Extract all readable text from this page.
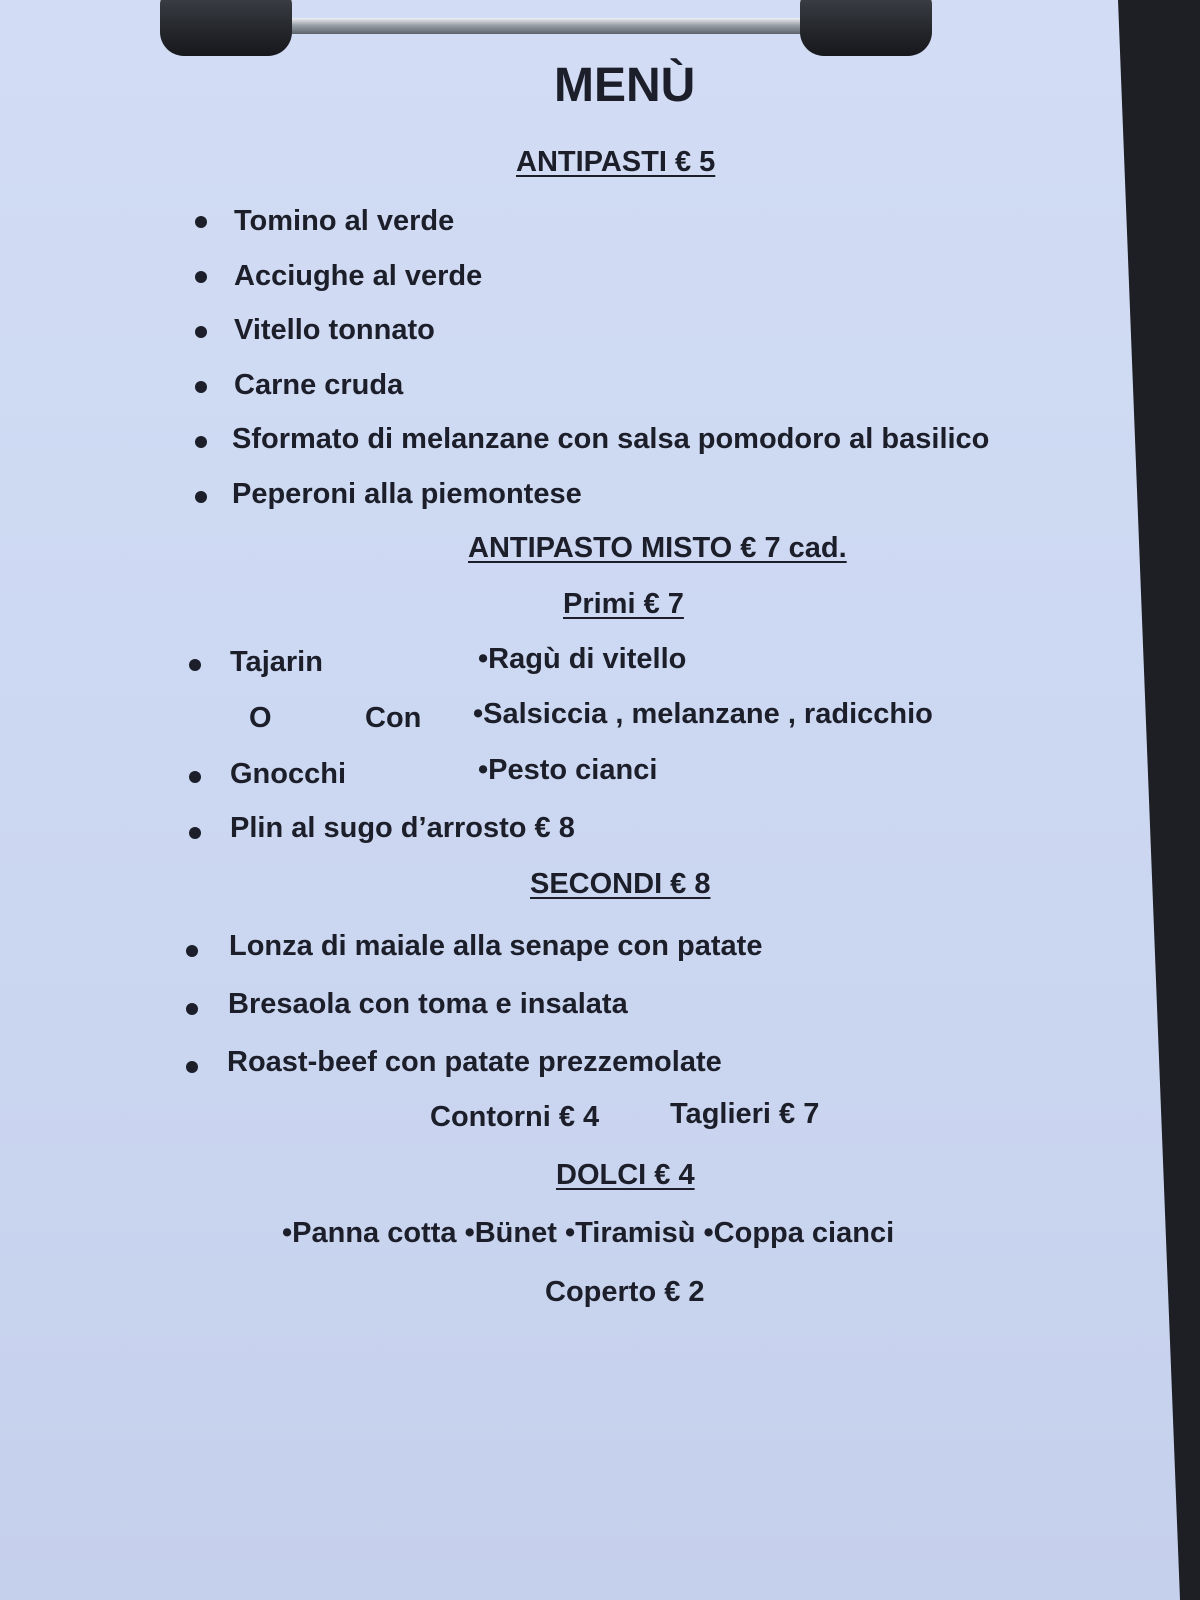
MENÙ
ANTIPASTI € 5
Tomino al verde
Acciughe al verde
Vitello tonnato
Carne cruda
Sformato di melanzane con salsa pomodoro al basilico
Peperoni alla piemontese
ANTIPASTO MISTO € 7 cad.
Primi € 7
Tajarin	•Ragù di vitello
O	Con •Salsiccia , melanzane , radicchio
Gnocchi	•Pesto cianci
Plin al sugo d’arrosto € 8
SECONDI € 8
Lonza di maiale alla senape con patate
Bresaola con toma e insalata
Roast-beef con patate prezzemolate
Contorni € 4 Taglieri € 7
DOLCI € 4
•Panna cotta •Bünet •Tiramisù •Coppa cianci
Coperto € 2
